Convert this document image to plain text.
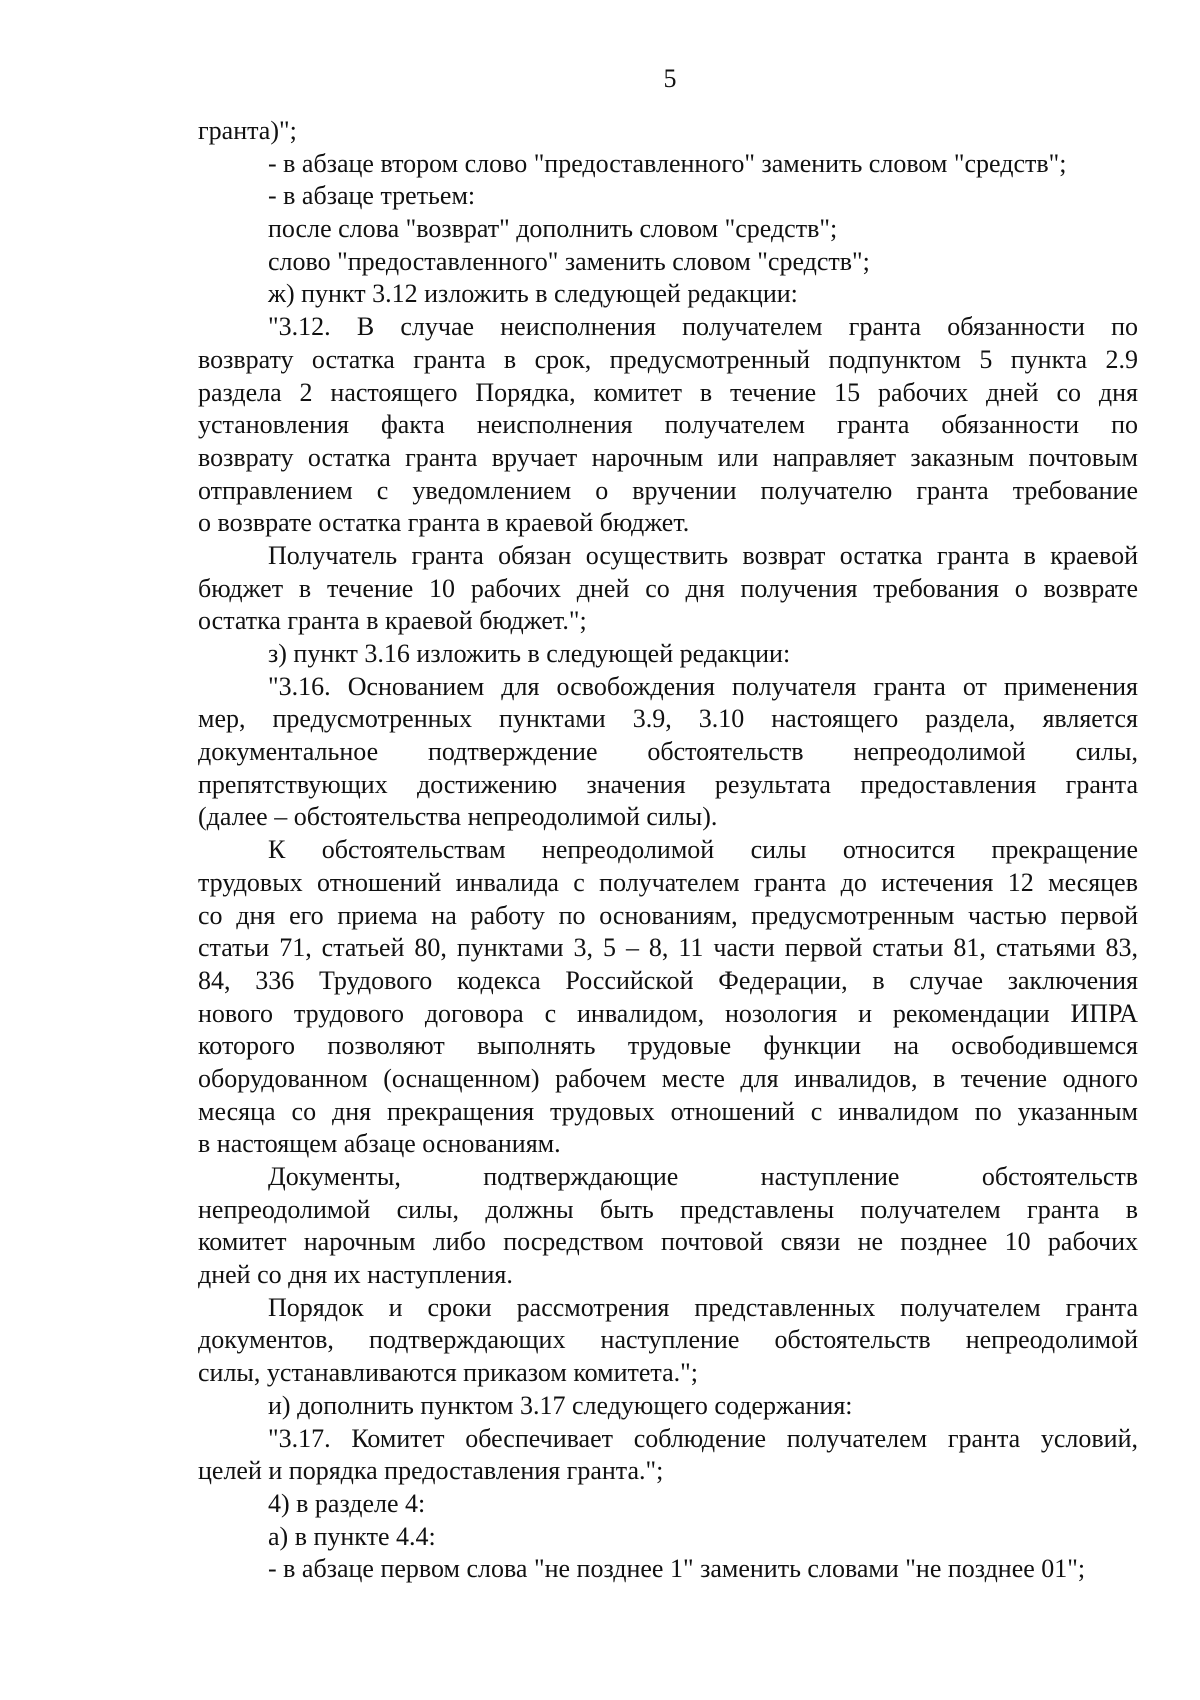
5
гранта)";
- в абзаце втором слово "предоставленного" заменить словом "средств";
- в абзаце третьем:
после слова "возврат" дополнить словом "средств";
слово "предоставленного" заменить словом "средств";
ж) пункт 3.12 изложить в следующей редакции:
"3.12. В случае неисполнения получателем гранта обязанности по
возврату остатка гранта в срок, предусмотренный подпунктом 5 пункта 2.9
раздела 2 настоящего Порядка, комитет в течение 15 рабочих дней со дня
установления факта неисполнения получателем гранта обязанности по
возврату остатка гранта вручает нарочным или направляет заказным почтовым
отправлением с уведомлением о вручении получателю гранта требование
о возврате остатка гранта в краевой бюджет.
Получатель гранта обязан осуществить возврат остатка гранта в краевой
бюджет в течение 10 рабочих дней со дня получения требования о возврате
остатка гранта в краевой бюджет.";
з) пункт 3.16 изложить в следующей редакции:
"3.16. Основанием для освобождения получателя гранта от применения
мер, предусмотренных пунктами 3.9, 3.10 настоящего раздела, является
документальное подтверждение обстоятельств непреодолимой силы,
препятствующих достижению значения результата предоставления гранта
(далее – обстоятельства непреодолимой силы).
К обстоятельствам непреодолимой силы относится прекращение
трудовых отношений инвалида с получателем гранта до истечения 12 месяцев
со дня его приема на работу по основаниям, предусмотренным частью первой
статьи 71, статьей 80, пунктами 3, 5 – 8, 11 части первой статьи 81, статьями 83,
84, 336 Трудового кодекса Российской Федерации, в случае заключения
нового трудового договора с инвалидом, нозология и рекомендации ИПРА
которого позволяют выполнять трудовые функции на освободившемся
оборудованном (оснащенном) рабочем месте для инвалидов, в течение одного
месяца со дня прекращения трудовых отношений с инвалидом по указанным
в настоящем абзаце основаниям.
Документы, подтверждающие наступление обстоятельств
непреодолимой силы, должны быть представлены получателем гранта в
комитет нарочным либо посредством почтовой связи не позднее 10 рабочих
дней со дня их наступления.
Порядок и сроки рассмотрения представленных получателем гранта
документов, подтверждающих наступление обстоятельств непреодолимой
силы, устанавливаются приказом комитета.";
и) дополнить пунктом 3.17 следующего содержания:
"3.17. Комитет обеспечивает соблюдение получателем гранта условий,
целей и порядка предоставления гранта.";
4) в разделе 4:
а) в пункте 4.4:
- в абзаце первом слова "не позднее 1" заменить словами "не позднее 01";
